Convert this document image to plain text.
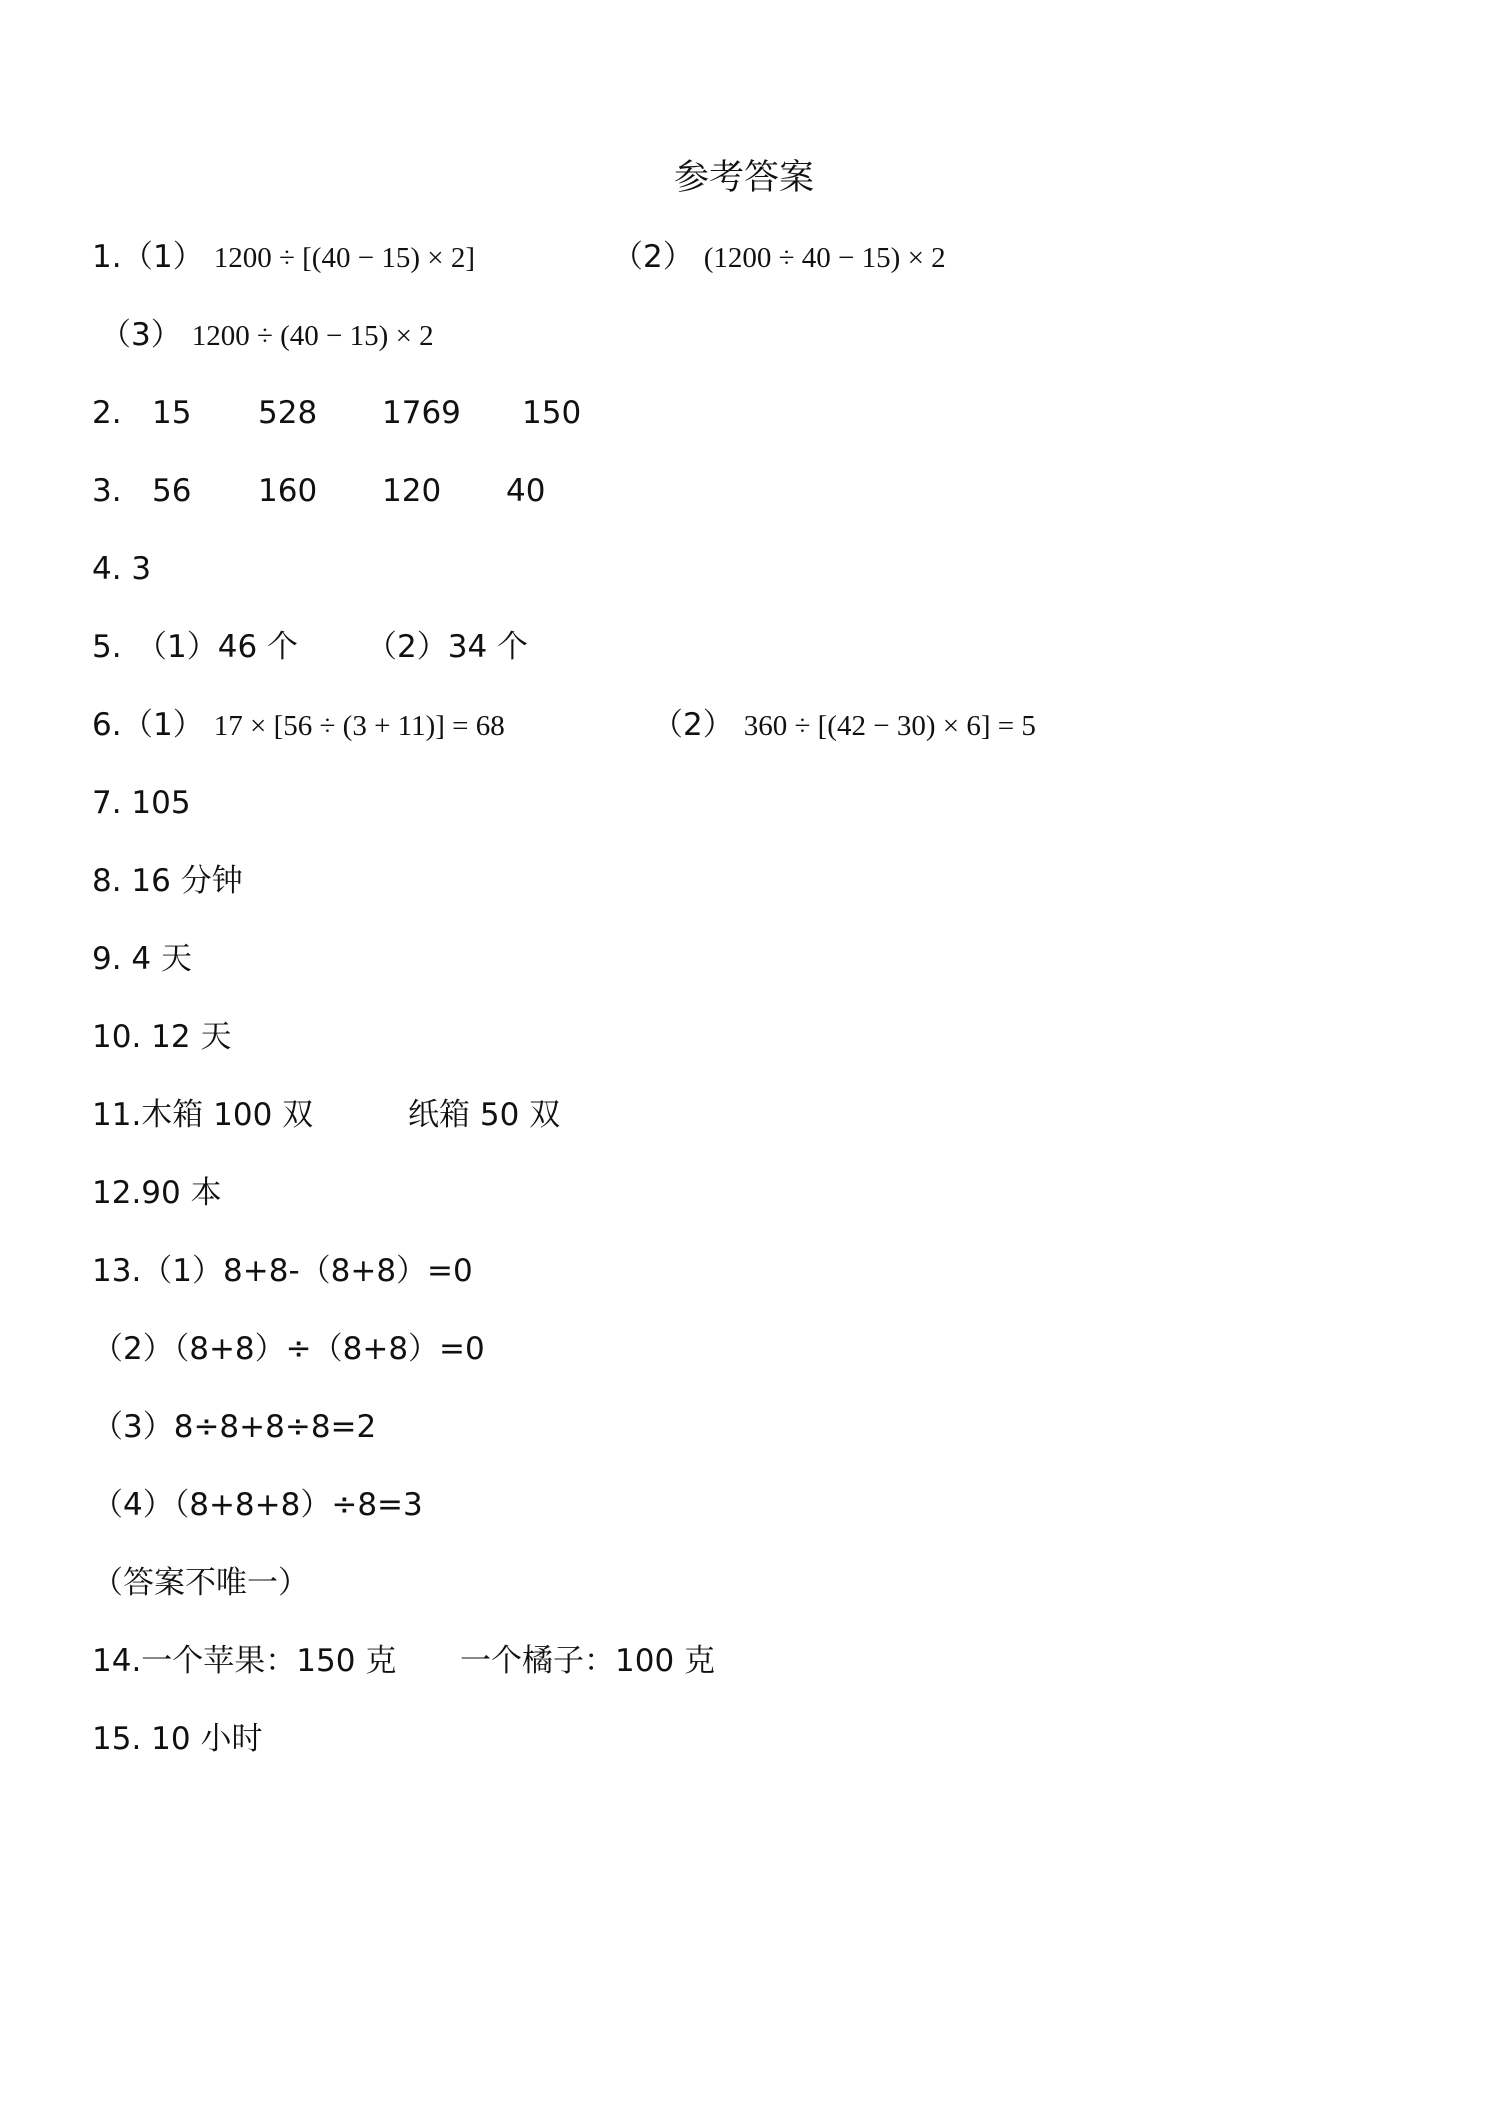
参考答案
1. （1） 1200 ÷ [(40 − 15) × 2]	（2） (1200 ÷ 40 − 15) × 2
（3） 1200 ÷ (40 − 15) × 2
2. 15 528 1769 150
3. 56 160 120 40
4. 3
5. （1）46 个 （2）34 个
6. （1） 17 × [56 ÷ (3 + 11)] = 68	（2） 360 ÷ [(42 − 30) × 6] = 5
7. 105
8. 16 分钟
9. 4 天
10. 12 天
11.木箱 100 双	纸箱 50 双
12.90 本
13.（1）8+8-（8+8）=0
（2）（8+8）÷（8+8）=0
（3）8÷8+8÷8=2
（4）（8+8+8）÷8=3
（答案不唯一）
14.一个苹果：150 克 一个橘子：100 克
15. 10 小时
